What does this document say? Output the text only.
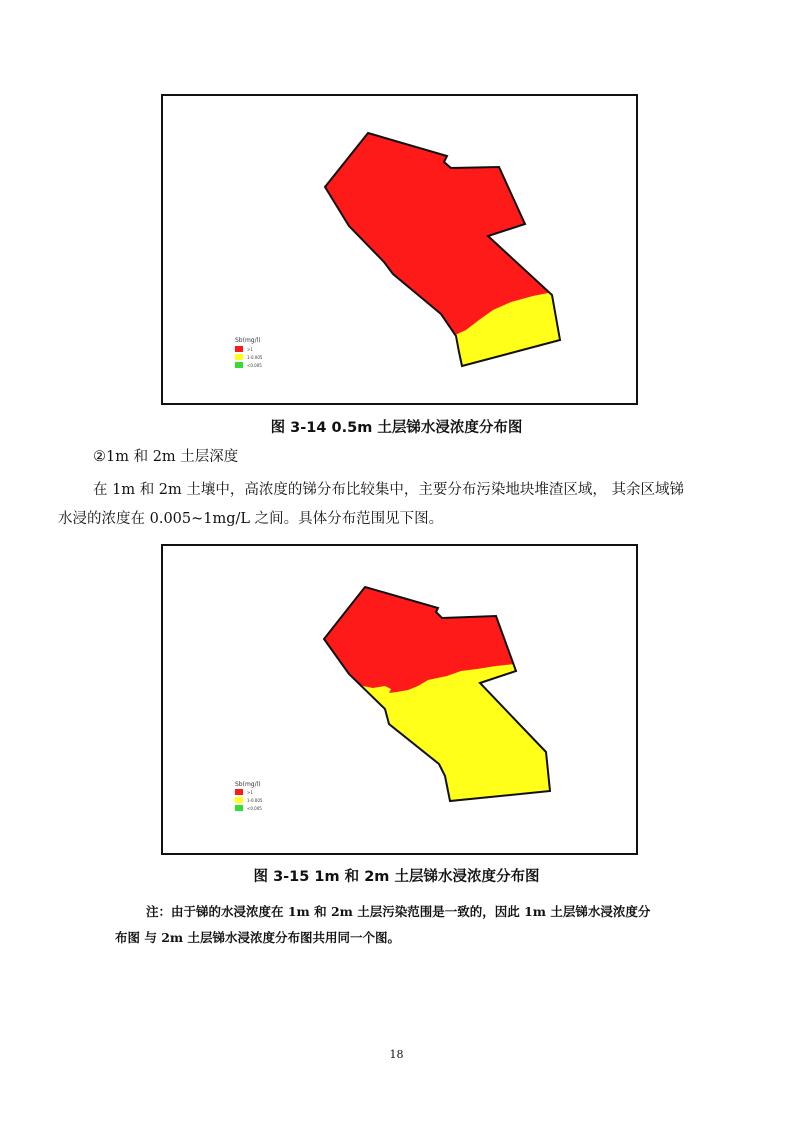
Sb(mg/l)
>1
1-0.005
<0.005
图 3-14 0.5m 土层锑水浸浓度分布图
②1m 和 2m 土层深度
在 1m 和 2m 土壤中，高浓度的锑分布比较集中，主要分布污染地块堆渣区域， 其余区域锑
水浸的浓度在 0.005~1mg/L 之间。具体分布范围见下图。
Sb(mg/l)
>1
1-0.005
<0.005
图 3-15 1m 和 2m 土层锑水浸浓度分布图
注：由于锑的水浸浓度在 1m 和 2m 土层污染范围是一致的，因此 1m 土层锑水浸浓度分
布图 与 2m 土层锑水浸浓度分布图共用同一个图。
18
